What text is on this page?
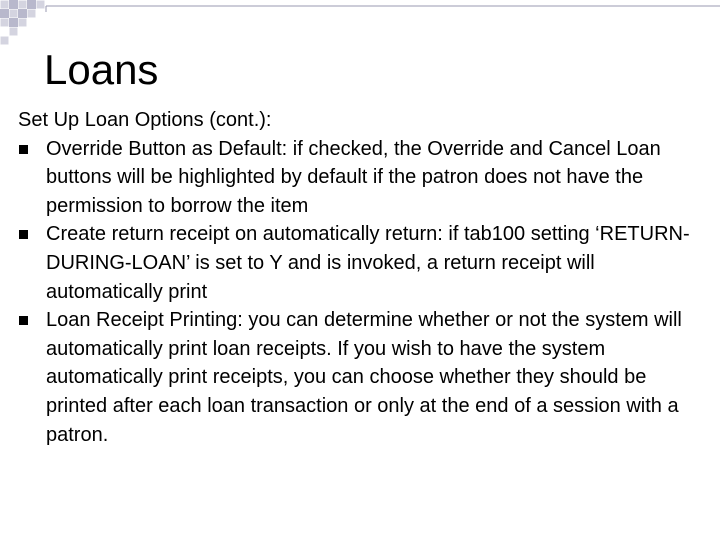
Loans

Set Up Loan Options (cont.):

Override Button as Default: if checked, the Override and Cancel Loan buttons will be highlighted by default if the patron does not have the permission to borrow the item
Create return receipt on automatically return: if tab100 setting ‘RETURN-DURING-LOAN’ is set to Y and is invoked, a return receipt will automatically print
Loan Receipt Printing: you can determine whether or not the system will automatically print loan receipts. If you wish to have the system automatically print receipts, you can choose whether they should be printed after each loan transaction or only at the end of a session with a patron.
